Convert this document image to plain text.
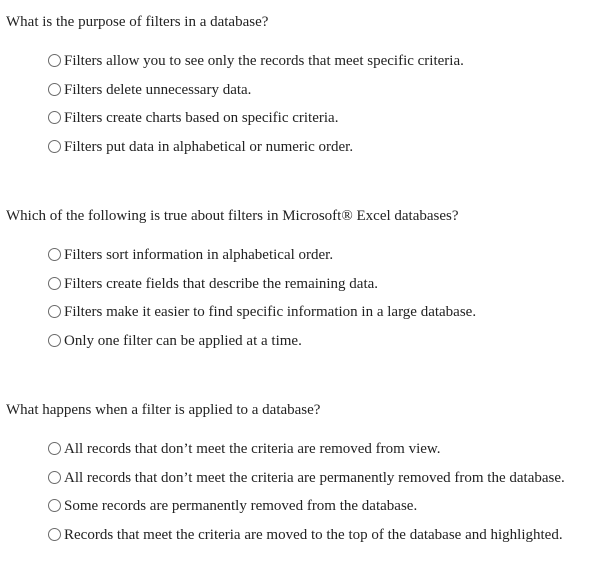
What is the purpose of filters in a database?
Filters allow you to see only the records that meet specific criteria.
Filters delete unnecessary data.
Filters create charts based on specific criteria.
Filters put data in alphabetical or numeric order.
Which of the following is true about filters in Microsoft® Excel databases?
Filters sort information in alphabetical order.
Filters create fields that describe the remaining data.
Filters make it easier to find specific information in a large database.
Only one filter can be applied at a time.
What happens when a filter is applied to a database?
All records that don’t meet the criteria are removed from view.
All records that don’t meet the criteria are permanently removed from the database.
Some records are permanently removed from the database.
Records that meet the criteria are moved to the top of the database and highlighted.
